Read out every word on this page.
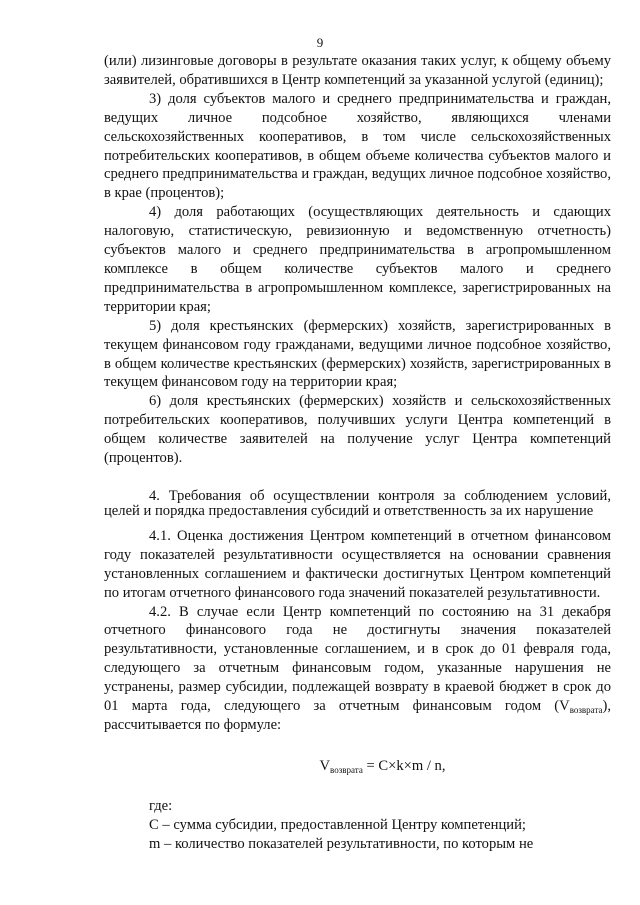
9

(или) лизинговые договоры в результате оказания таких услуг, к общему объему заявителей, обратившихся в Центр компетенций за указанной услугой (единиц);

3) доля субъектов малого и среднего предпринимательства и граждан, ведущих личное подсобное хозяйство, являющихся членами сельскохозяйственных кооперативов, в том числе сельскохозяйственных потребительских кооперативов, в общем объеме количества субъектов малого и среднего предпринимательства и граждан, ведущих личное подсобное хозяйство, в крае (процентов);

4) доля работающих (осуществляющих деятельность и сдающих налоговую, статистическую, ревизионную и ведомственную отчетность) субъектов малого и среднего предпринимательства в агропромышленном комплексе в общем количестве субъектов малого и среднего предпринимательства в агропромышленном комплексе, зарегистрированных на территории края;

5) доля крестьянских (фермерских) хозяйств, зарегистрированных в текущем финансовом году гражданами, ведущими личное подсобное хозяйство, в общем количестве крестьянских (фермерских) хозяйств, зарегистрированных в текущем финансовом году на территории края;

6) доля крестьянских (фермерских) хозяйств и сельскохозяйственных потребительских кооперативов, получивших услуги Центра компетенций в общем количестве заявителей на получение услуг Центра компетенций (процентов).

4. Требования об осуществлении контроля за соблюдением условий, целей и порядка предоставления субсидий и ответственность за их нарушение

4.1. Оценка достижения Центром компетенций в отчетном финансовом году показателей результативности осуществляется на основании сравнения установленных соглашением и фактически достигнутых Центром компетенций по итогам отчетного финансового года значений показателей результативности.

4.2. В случае если Центр компетенций по состоянию на 31 декабря отчетного финансового года не достигнуты значения показателей результативности, установленные соглашением, и в срок до 01 февраля года, следующего за отчетным финансовым годом, указанные нарушения не устранены, размер субсидии, подлежащей возврату в краевой бюджет в срок до 01 марта года, следующего за отчетным финансовым годом $(V_{возврата})$, рассчитывается по формуле:

$V_{возврата} = C\times k\times m / n$,

где:

C – сумма субсидии, предоставленной Центру компетенций;

m – количество показателей результативности, по которым не
